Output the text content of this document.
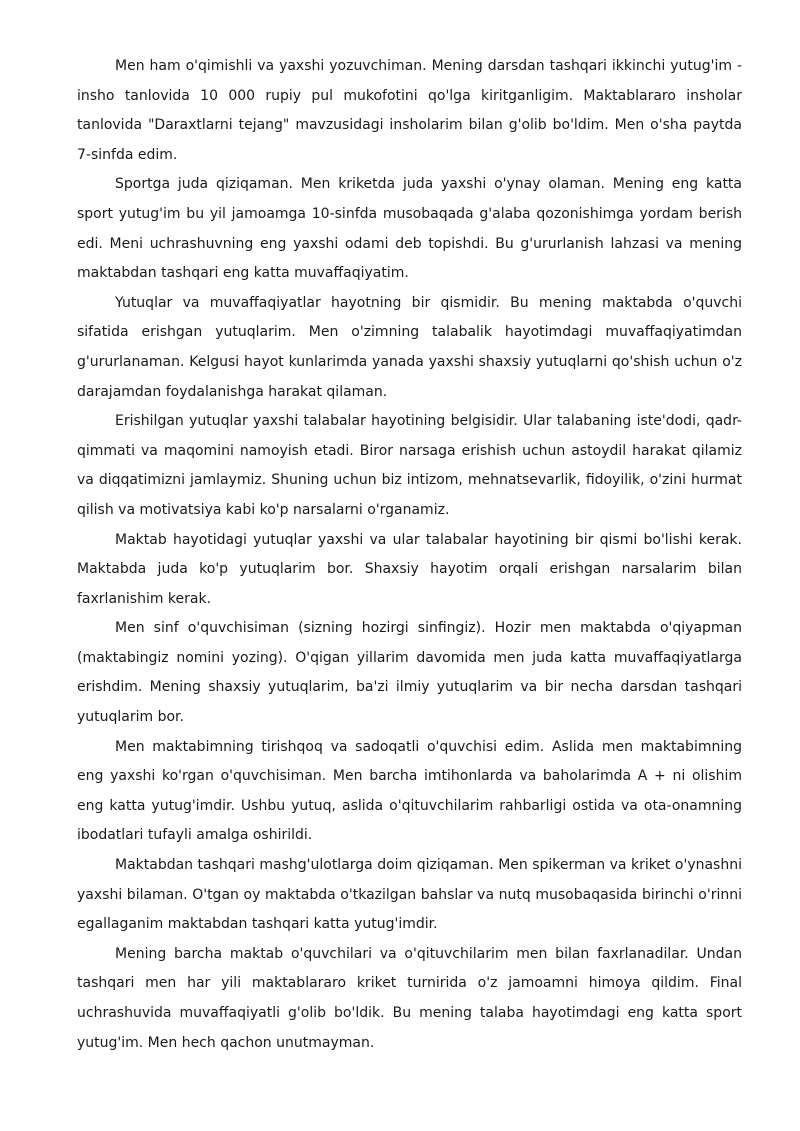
Men ham o'qimishli va yaxshi yozuvchiman. Mening darsdan tashqari ikkinchi yutug'im - insho tanlovida 10 000 rupiy pul mukofotini qo'lga kiritganligim. Maktablararo insholar tanlovida "Daraxtlarni tejang" mavzusidagi insholarim bilan g'olib bo'ldim. Men o'sha paytda 7-sinfda edim.

Sportga juda qiziqaman. Men kriketda juda yaxshi o'ynay olaman. Mening eng katta sport yutug'im bu yil jamoamga 10-sinfda musobaqada g'alaba qozonishimga yordam berish edi. Meni uchrashuvning eng yaxshi odami deb topishdi. Bu g'ururlanish lahzasi va mening maktabdan tashqari eng katta muvaffaqiyatim.

Yutuqlar va muvaffaqiyatlar hayotning bir qismidir. Bu mening maktabda o'quvchi sifatida erishgan yutuqlarim. Men o'zimning talabalik hayotimdagi muvaffaqiyatimdan g'ururlanaman. Kelgusi hayot kunlarimda yanada yaxshi shaxsiy yutuqlarni qo'shish uchun o'z darajamdan foydalanishga harakat qilaman.

Erishilgan yutuqlar yaxshi talabalar hayotining belgisidir. Ular talabaning iste'dodi, qadr-qimmati va maqomini namoyish etadi. Biror narsaga erishish uchun astoydil harakat qilamiz va diqqatimizni jamlaymiz. Shuning uchun biz intizom, mehnatsevarlik, fidoyilik, o'zini hurmat qilish va motivatsiya kabi ko'p narsalarni o'rganamiz.

Maktab hayotidagi yutuqlar yaxshi va ular talabalar hayotining bir qismi bo'lishi kerak. Maktabda juda ko'p yutuqlarim bor. Shaxsiy hayotim orqali erishgan narsalarim bilan faxrlanishim kerak.

Men sinf o'quvchisiman (sizning hozirgi sinfingiz). Hozir men maktabda o'qiyapman (maktabingiz nomini yozing). O'qigan yillarim davomida men juda katta muvaffaqiyatlarga erishdim. Mening shaxsiy yutuqlarim, ba'zi ilmiy yutuqlarim va bir necha darsdan tashqari yutuqlarim bor.

Men maktabimning tirishqoq va sadoqatli o'quvchisi edim. Aslida men maktabimning eng yaxshi ko'rgan o'quvchisiman. Men barcha imtihonlarda va baholarimda A + ni olishim eng katta yutug'imdir. Ushbu yutuq, aslida o'qituvchilarim rahbarligi ostida va ota-onamning ibodatlari tufayli amalga oshirildi.

Maktabdan tashqari mashg'ulotlarga doim qiziqaman. Men spikerman va kriket o'ynashni yaxshi bilaman. O'tgan oy maktabda o'tkazilgan bahslar va nutq musobaqasida birinchi o'rinni egallaganim maktabdan tashqari katta yutug'imdir.

Mening barcha maktab o'quvchilari va o'qituvchilarim men bilan faxrlanadilar. Undan tashqari men har yili maktablararo kriket turnirida o'z jamoamni himoya qildim. Final uchrashuvida muvaffaqiyatli g'olib bo'ldik. Bu mening talaba hayotimdagi eng katta sport yutug'im. Men hech qachon unutmayman.
